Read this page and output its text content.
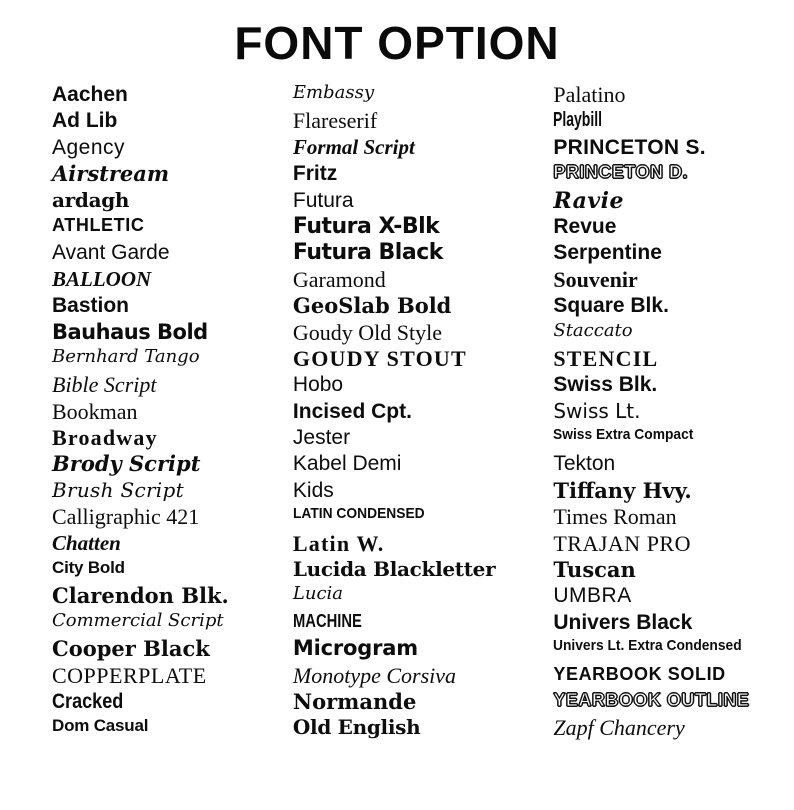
FONT OPTION
Aachen
Ad Lib
Agency
Airstream
ardagh
ATHLETIC
Avant Garde
BALLOON
Bastion
Bauhaus Bold
Bernhard Tango
Bible Script
Bookman
Broadway
Brody Script
Brush Script
Calligraphic 421
Chatten
City Bold
Clarendon Blk.
Commercial Script
Cooper Black
COPPERPLATE
Cracked
Dom Casual
Embassy
Flareserif
Formal Script
Fritz
Futura
Futura X-Blk
Futura Black
Garamond
GeoSlab Bold
Goudy Old Style
GOUDY STOUT
Hobo
Incised Cpt.
Jester
Kabel Demi
Kids
LATIN CONDENSED
Latin W.
Lucida Blackletter
Lucia
MACHINE
Microgram
Monotype Corsiva
Normande
Old English
Palatino
Playbill
PRINCETON S.
PRINCETON D.
Ravie
Revue
Serpentine
Souvenir
Square Blk.
Staccato
STENCIL
Swiss Blk.
Swiss Lt.
Swiss Extra Compact
Tekton
Tiffany Hvy.
Times Roman
TRAJAN PRO
Tuscan
UMBRA
Univers Black
Univers Lt. Extra Condensed
YEARBOOK SOLID
YEARBOOK OUTLINE
Zapf Chancery
